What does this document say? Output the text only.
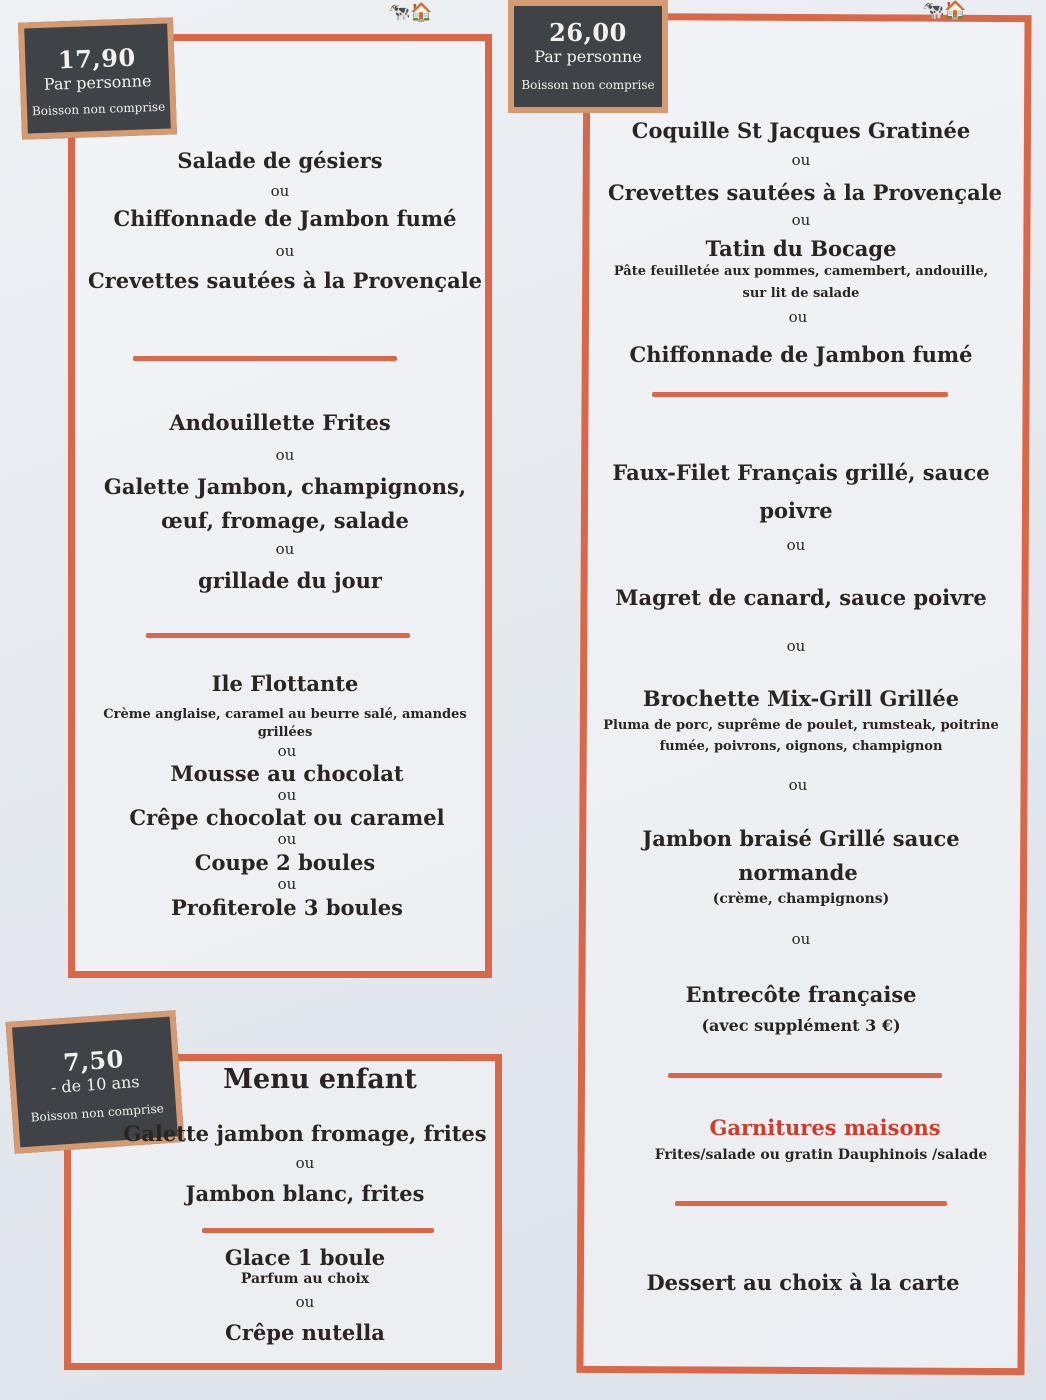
🐄🏠
17,90
Par personne
Boisson non comprise
Salade de gésiers
ou
Chiffonnade de Jambon fumé
ou
Crevettes sautées à la Provençale
Andouillette Frites
ou
Galette Jambon, champignons,
œuf, fromage, salade
ou
grillade du jour
Ile Flottante
Crème anglaise, caramel au beurre salé, amandes
grillées
ou
Mousse au chocolat
ou
Crêpe chocolat ou caramel
ou
Coupe 2 boules
ou
Profiterole 3 boules
🐄🏠
26,00
Par personne
Boisson non comprise
Coquille St Jacques Gratinée
ou
Crevettes sautées à la Provençale
ou
Tatin du Bocage
Pâte feuilletée aux pommes, camembert, andouille,
sur lit de salade
ou
Chiffonnade de Jambon fumé
Faux-Filet Français grillé, sauce
poivre
ou
Magret de canard, sauce poivre
ou
Brochette Mix-Grill Grillée
Pluma de porc, suprême de poulet, rumsteak, poitrine
fumée, poivrons, oignons, champignon
ou
Jambon braisé Grillé sauce
normande
(crème, champignons)
ou
Entrecôte française
(avec supplément 3 €)
Garnitures maisons
Frites/salade ou gratin Dauphinois /salade
Dessert au choix à la carte
7,50
- de 10 ans
Boisson non comprise
Menu enfant
Galette jambon fromage, frites
ou
Jambon blanc, frites
Glace 1 boule
Parfum au choix
ou
Crêpe nutella
